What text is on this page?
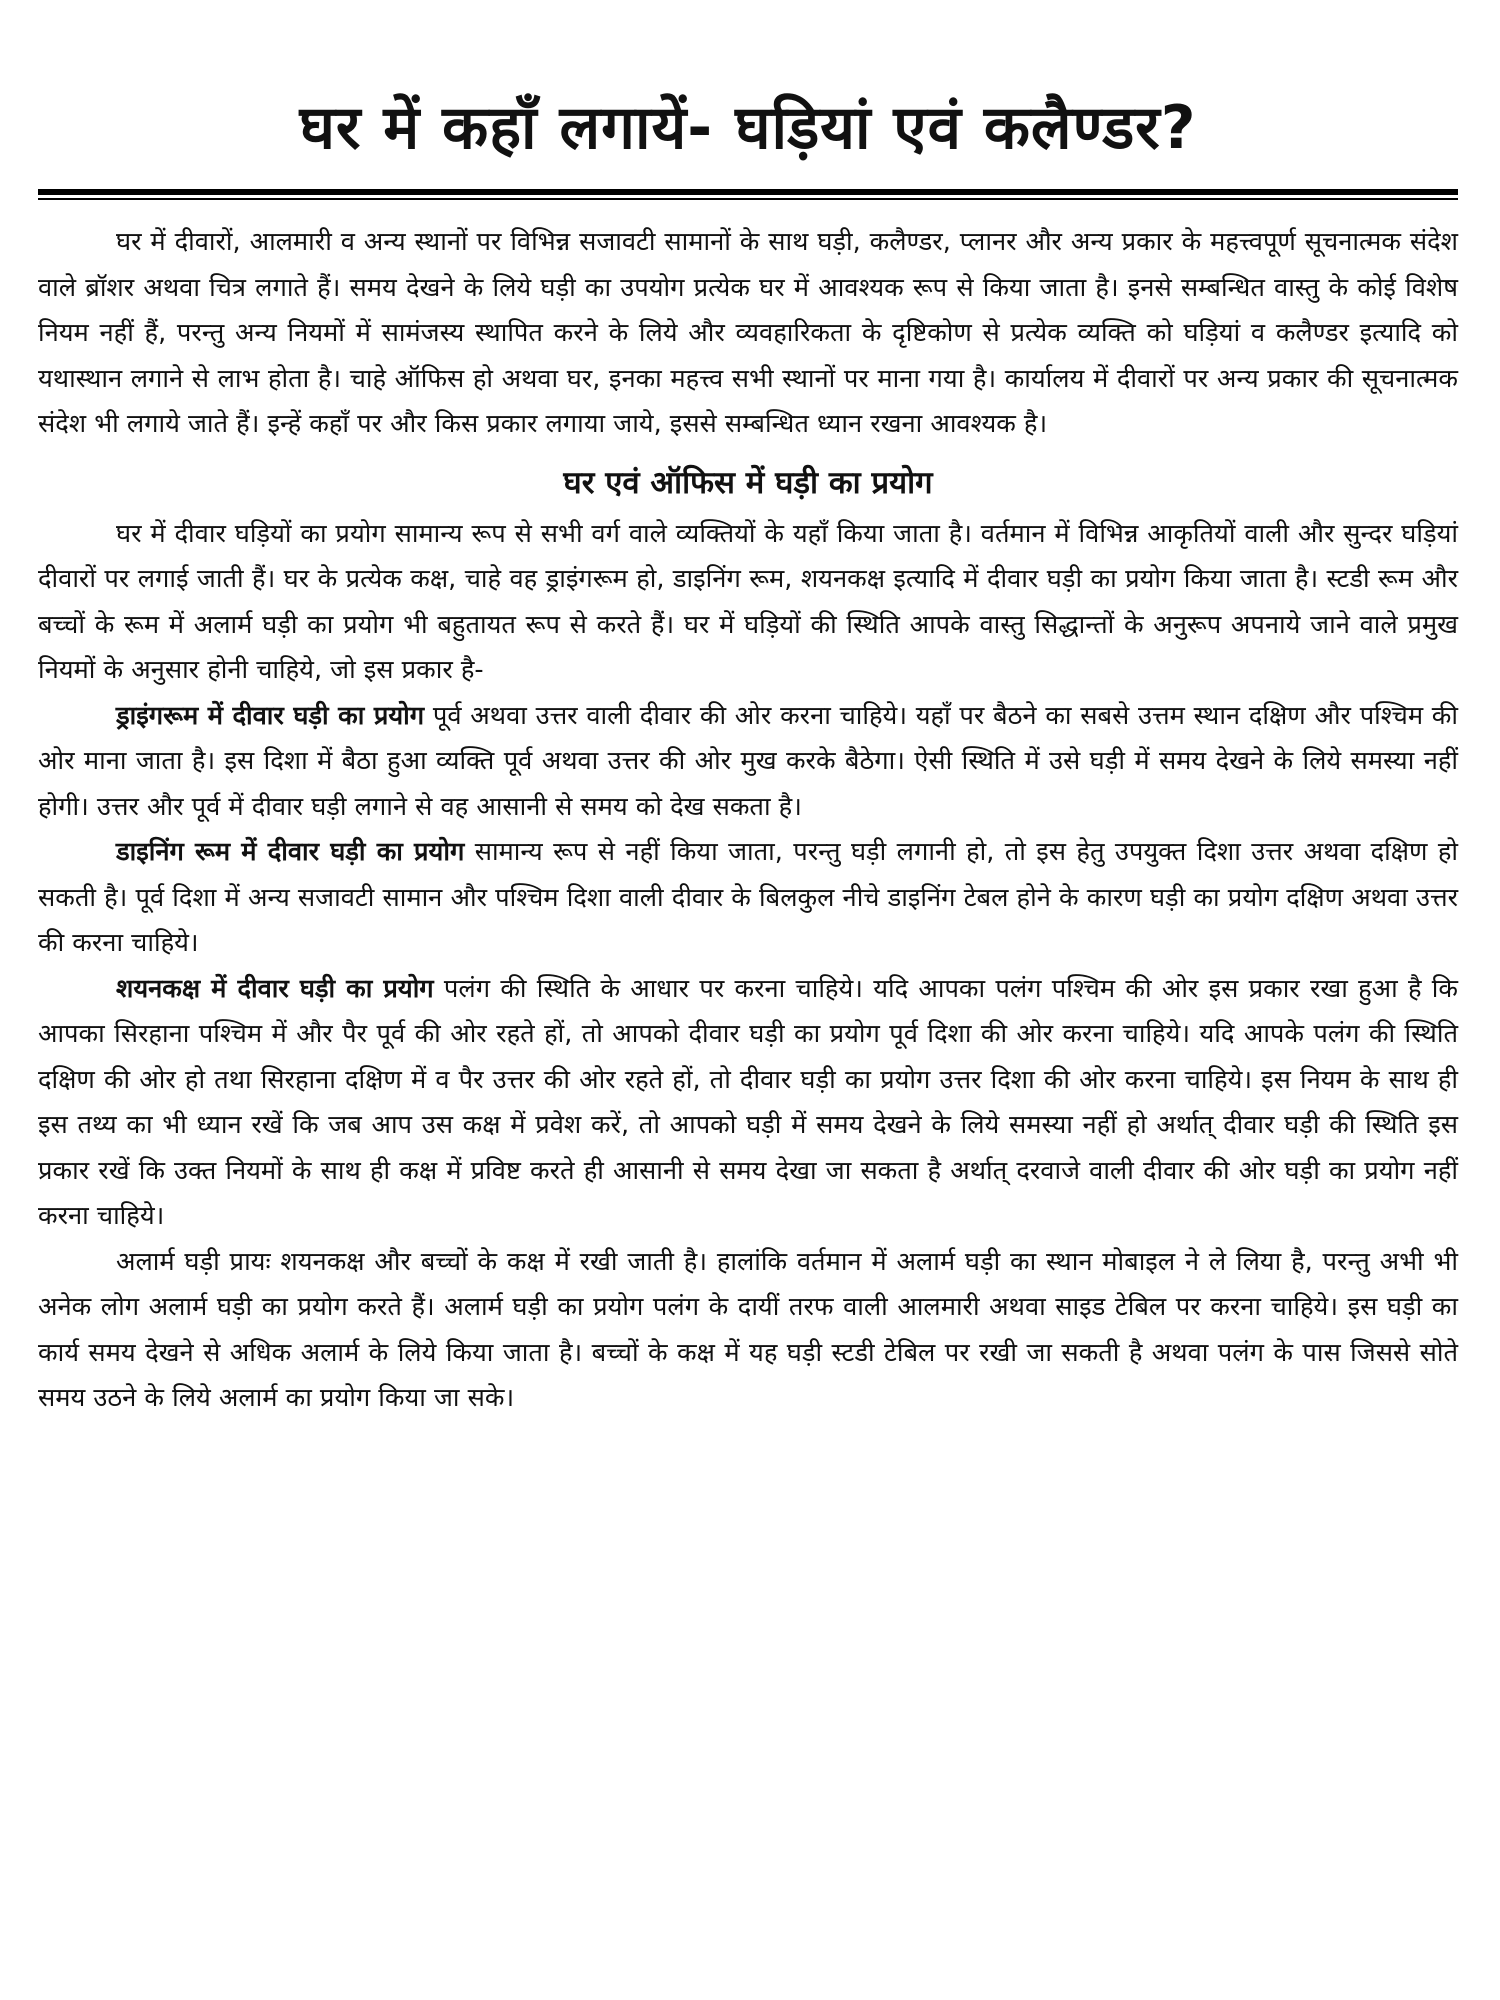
घर में कहाँ लगायें- घड़ियां एवं कलैण्डर?

घर में दीवारों, आलमारी व अन्य स्थानों पर विभिन्न सजावटी सामानों के साथ घड़ी, कलैण्डर, प्लानर और अन्य प्रकार के महत्त्वपूर्ण सूचनात्मक संदेश वाले ब्रॉशर अथवा चित्र लगाते हैं। समय देखने के लिये घड़ी का उपयोग प्रत्येक घर में आवश्यक रूप से किया जाता है। इनसे सम्बन्धित वास्तु के कोई विशेष नियम नहीं हैं, परन्तु अन्य नियमों में सामंजस्य स्थापित करने के लिये और व्यवहारिकता के दृष्टिकोण से प्रत्येक व्यक्ति को घड़ियां व कलैण्डर इत्यादि को यथास्थान लगाने से लाभ होता है। चाहे ऑफिस हो अथवा घर, इनका महत्त्व सभी स्थानों पर माना गया है। कार्यालय में दीवारों पर अन्य प्रकार की सूचनात्मक संदेश भी लगाये जाते हैं। इन्हें कहाँ पर और किस प्रकार लगाया जाये, इससे सम्बन्धित ध्यान रखना आवश्यक है।

घर एवं ऑफिस में घड़ी का प्रयोग

घर में दीवार घड़ियों का प्रयोग सामान्य रूप से सभी वर्ग वाले व्यक्तियों के यहाँ किया जाता है। वर्तमान में विभिन्न आकृतियों वाली और सुन्दर घड़ियां दीवारों पर लगाई जाती हैं। घर के प्रत्येक कक्ष, चाहे वह ड्राइंगरूम हो, डाइनिंग रूम, शयनकक्ष इत्यादि में दीवार घड़ी का प्रयोग किया जाता है। स्टडी रूम और बच्चों के रूम में अलार्म घड़ी का प्रयोग भी बहुतायत रूप से करते हैं। घर में घड़ियों की स्थिति आपके वास्तु सिद्धान्तों के अनुरूप अपनाये जाने वाले प्रमुख नियमों के अनुसार होनी चाहिये, जो इस प्रकार है-

ड्राइंगरूम में दीवार घड़ी का प्रयोग पूर्व अथवा उत्तर वाली दीवार की ओर करना चाहिये। यहाँ पर बैठने का सबसे उत्तम स्थान दक्षिण और पश्चिम की ओर माना जाता है। इस दिशा में बैठा हुआ व्यक्ति पूर्व अथवा उत्तर की ओर मुख करके बैठेगा। ऐसी स्थिति में उसे घड़ी में समय देखने के लिये समस्या नहीं होगी। उत्तर और पूर्व में दीवार घड़ी लगाने से वह आसानी से समय को देख सकता है।

डाइनिंग रूम में दीवार घड़ी का प्रयोग सामान्य रूप से नहीं किया जाता, परन्तु घड़ी लगानी हो, तो इस हेतु उपयुक्त दिशा उत्तर अथवा दक्षिण हो सकती है। पूर्व दिशा में अन्य सजावटी सामान और पश्चिम दिशा वाली दीवार के बिलकुल नीचे डाइनिंग टेबल होने के कारण घड़ी का प्रयोग दक्षिण अथवा उत्तर की करना चाहिये।

शयनकक्ष में दीवार घड़ी का प्रयोग पलंग की स्थिति के आधार पर करना चाहिये। यदि आपका पलंग पश्चिम की ओर इस प्रकार रखा हुआ है कि आपका सिरहाना पश्चिम में और पैर पूर्व की ओर रहते हों, तो आपको दीवार घड़ी का प्रयोग पूर्व दिशा की ओर करना चाहिये। यदि आपके पलंग की स्थिति दक्षिण की ओर हो तथा सिरहाना दक्षिण में व पैर उत्तर की ओर रहते हों, तो दीवार घड़ी का प्रयोग उत्तर दिशा की ओर करना चाहिये। इस नियम के साथ ही इस तथ्य का भी ध्यान रखें कि जब आप उस कक्ष में प्रवेश करें, तो आपको घड़ी में समय देखने के लिये समस्या नहीं हो अर्थात् दीवार घड़ी की स्थिति इस प्रकार रखें कि उक्त नियमों के साथ ही कक्ष में प्रविष्ट करते ही आसानी से समय देखा जा सकता है अर्थात् दरवाजे वाली दीवार की ओर घड़ी का प्रयोग नहीं करना चाहिये।

अलार्म घड़ी प्रायः शयनकक्ष और बच्चों के कक्ष में रखी जाती है। हालांकि वर्तमान में अलार्म घड़ी का स्थान मोबाइल ने ले लिया है, परन्तु अभी भी अनेक लोग अलार्म घड़ी का प्रयोग करते हैं। अलार्म घड़ी का प्रयोग पलंग के दायीं तरफ वाली आलमारी अथवा साइड टेबिल पर करना चाहिये। इस घड़ी का कार्य समय देखने से अधिक अलार्म के लिये किया जाता है। बच्चों के कक्ष में यह घड़ी स्टडी टेबिल पर रखी जा सकती है अथवा पलंग के पास जिससे सोते समय उठने के लिये अलार्म का प्रयोग किया जा सके।
